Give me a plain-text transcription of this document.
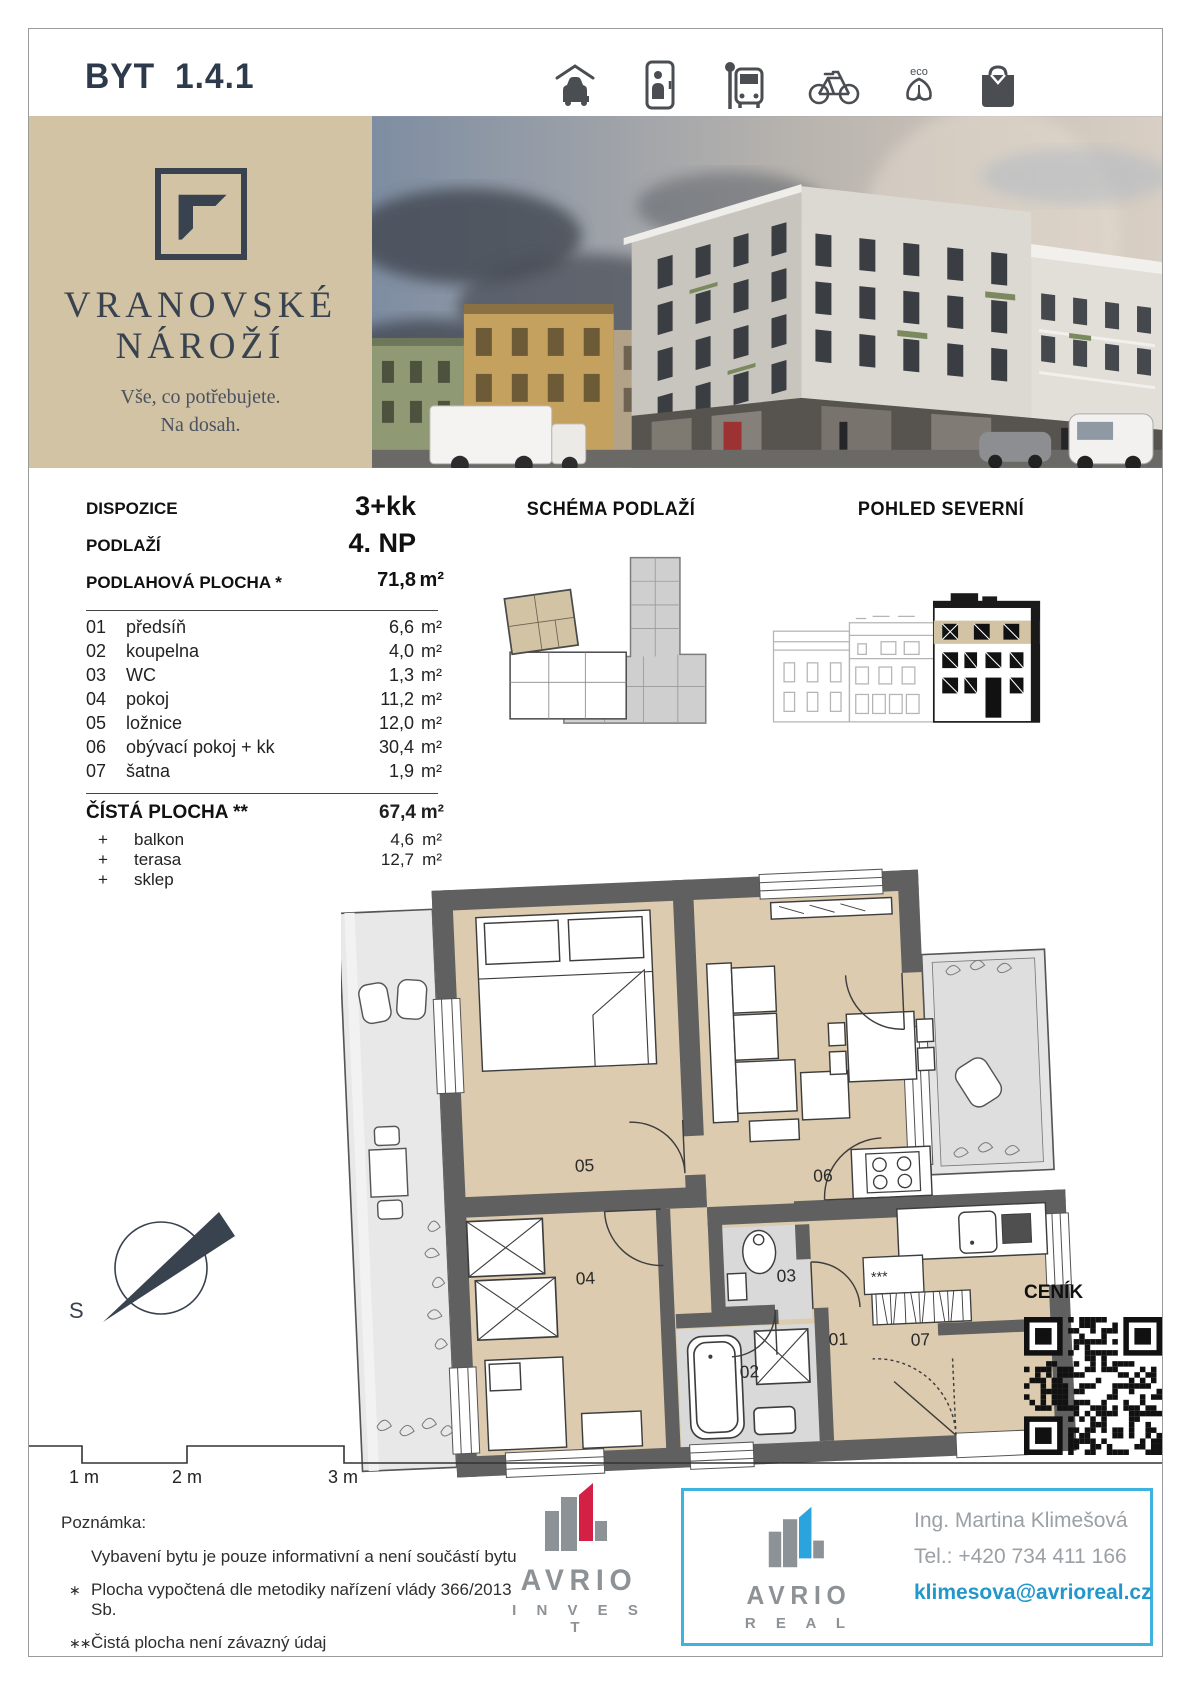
BYT 1.4.1	eco
VRANOVSKÉ
NÁROŽÍ
Vše, co potřebujete.
Na dosah.
DISPOZICE	3+kk
PODLAŽÍ	4. NP
PODLAHOVÁ PLOCHA *	71,8 m²
01 předsíň	6,6 m²
02 koupelna	4,0 m²
03 WC	1,3 m²
04 pokoj	11,2 m²
05 ložnice	12,0 m²
06 obývací pokoj + kk	30,4 m²
07 šatna	1,9 m²
ČÍSTÁ PLOCHA **	67,4 m²
+ balkon	4,6 m²
+ terasa	12,7 m²
+ sklep
SCHÉMA PODLAŽÍ	POHLED SEVERNÍ
05	06
04	03
01
02
07
***
S
1 m	2 m	3 m
CENÍK
Poznámka:
Vybavení bytu je pouze informativní a není součástí bytu
∗ Plocha vypočtená dle metodiky nařízení vlády 366/2013 Sb.
∗∗ Čistá plocha není závazný údaj
AVRIO
I N V E S T
AVRIO
R E A L
Ing. Martina Klimešová
Tel.: +420 734 411 166
klimesova@avrioreal.cz
